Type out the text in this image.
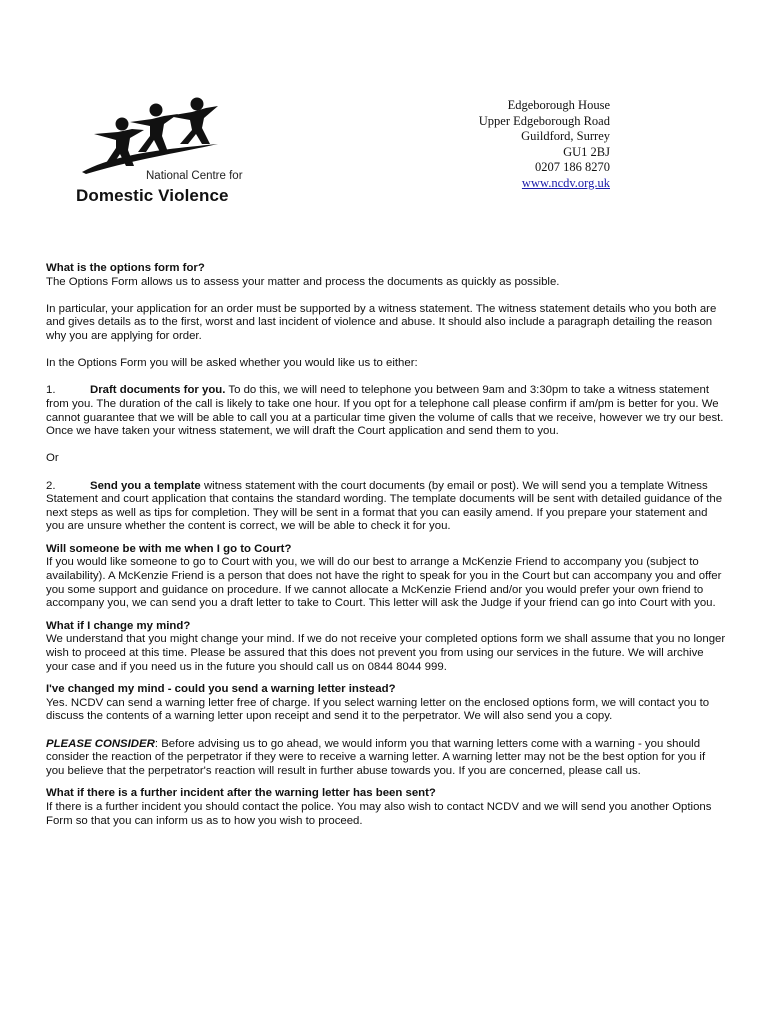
National Centre for
Domestic Violence
Edgeborough House
Upper Edgeborough Road
Guildford, Surrey
GU1 2BJ
0207 186 8270
www.ncdv.org.uk
What is the options form for?

The Options Form allows us to assess your matter and process the documents as quickly as possible.

In particular, your application for an order must be supported by a witness statement. The witness statement details who you both are and gives details as to the first, worst and last incident of violence and abuse. It should also include a paragraph detailing the reason why you are applying for order.

In the Options Form you will be asked whether you would like us to either:

1.	Draft documents for you. To do this, we will need to telephone you between 9am and 3:30pm to take a witness statement from you. The duration of the call is likely to take one hour. If you opt for a telephone call please confirm if am/pm is better for you. We cannot guarantee that we will be able to call you at a particular time given the volume of calls that we receive, however we try our best. Once we have taken your witness statement, we will draft the Court application and send them to you.

Or

2.	Send you a template witness statement with the court documents (by email or post). We will send you a template Witness Statement and court application that contains the standard wording. The template documents will be sent with detailed guidance of the next steps as well as tips for completion. They will be sent in a format that you can easily amend. If you prepare your statement and you are unsure whether the content is correct, we will be able to check it for you.

Will someone be with me when I go to Court?

If you would like someone to go to Court with you, we will do our best to arrange a McKenzie Friend to accompany you (subject to availability). A McKenzie Friend is a person that does not have the right to speak for you in the Court but can accompany you and offer you some support and guidance on procedure. If we cannot allocate a McKenzie Friend and/or you would prefer your own friend to accompany you, we can send you a draft letter to take to Court. This letter will ask the Judge if your friend can go into Court with you.

What if I change my mind?

We understand that you might change your mind. If we do not receive your completed options form we shall assume that you no longer wish to proceed at this time. Please be assured that this does not prevent you from using our services in the future. We will archive your case and if you need us in the future you should call us on 0844 8044 999.

I've changed my mind - could you send a warning letter instead?

Yes. NCDV can send a warning letter free of charge. If you select warning letter on the enclosed options form, we will contact you to discuss the contents of a warning letter upon receipt and send it to the perpetrator. We will also send you a copy.

PLEASE CONSIDER: Before advising us to go ahead, we would inform you that warning letters come with a warning - you should consider the reaction of the perpetrator if they were to receive a warning letter. A warning letter may not be the best option for you if you believe that the perpetrator's reaction will result in further abuse towards you. If you are concerned, please call us.

What if there is a further incident after the warning letter has been sent?

If there is a further incident you should contact the police. You may also wish to contact NCDV and we will send you another Options Form so that you can inform us as to how you wish to proceed.
